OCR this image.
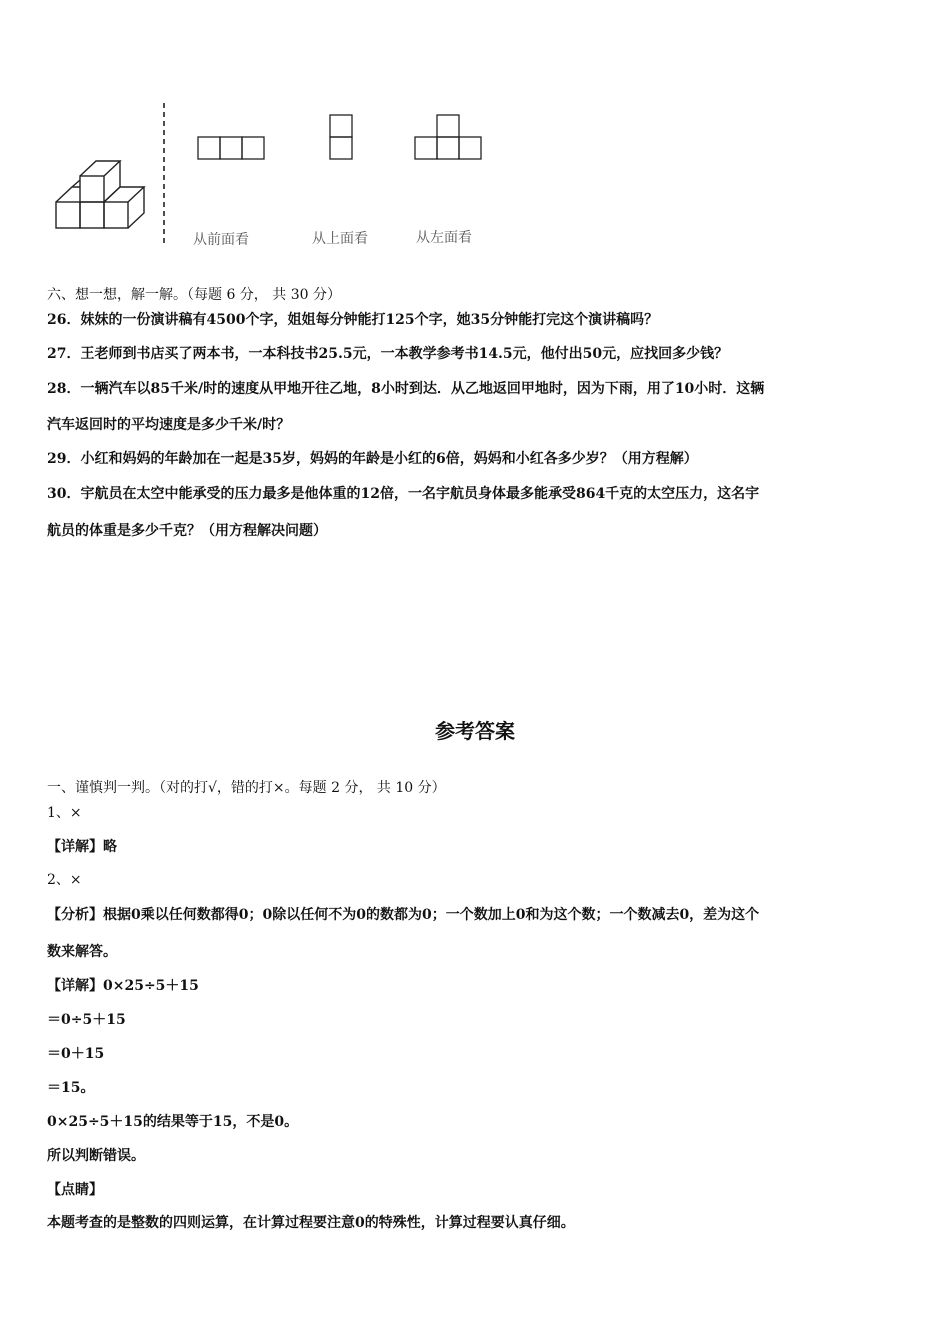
从前面看	从上面看	从左面看
六、想一想，解一解。（每题 6 分， 共 30 分）
26．妹妹的一份演讲稿有4500个字，姐姐每分钟能打125个字，她35分钟能打完这个演讲稿吗？
27．王老师到书店买了两本书，一本科技书25.5元，一本教学参考书14.5元，他付出50元，应找回多少钱？
28．一辆汽车以85千米/时的速度从甲地开往乙地，8小时到达．从乙地返回甲地时，因为下雨，用了10小时．这辆
汽车返回时的平均速度是多少千米/时？
29．小红和妈妈的年龄加在一起是35岁，妈妈的年龄是小红的6倍，妈妈和小红各多少岁？（用方程解）
30．宇航员在太空中能承受的压力最多是他体重的12倍，一名宇航员身体最多能承受864千克的太空压力，这名宇
航员的体重是多少千克？（用方程解决问题）
参考答案
一、谨慎判一判。（对的打√，错的打×。每题 2 分， 共 10 分）
1、×
【详解】略
2、×
【分析】根据0乘以任何数都得0；0除以任何不为0的数都为0；一个数加上0和为这个数；一个数减去0，差为这个
数来解答。
【详解】0×25÷5＋15
＝0÷5＋15
＝0＋15
＝15。
0×25÷5＋15的结果等于15，不是0。
所以判断错误。
【点睛】
本题考查的是整数的四则运算，在计算过程要注意0的特殊性，计算过程要认真仔细。
